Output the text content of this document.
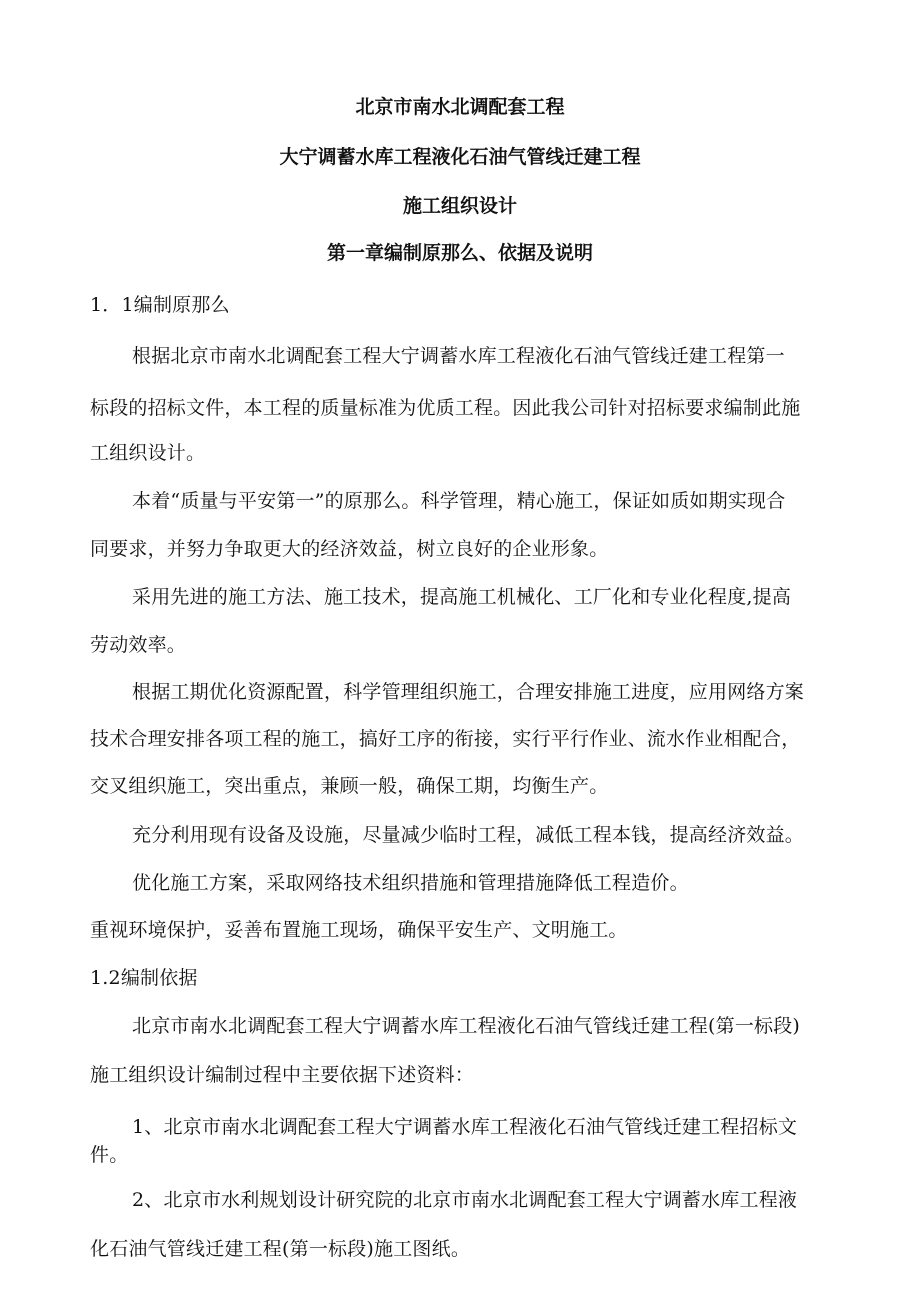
北京市南水北调配套工程
大宁调蓄水库工程液化石油气管线迁建工程
施工组织设计
第一章编制原那么、依据及说明

1．1编制原那么

根据北京市南水北调配套工程大宁调蓄水库工程液化石油气管线迁建工程第一

标段的招标文件，本工程的质量标准为优质工程。因此我公司针对招标要求编制此施

工组织设计。

本着“质量与平安第一”的原那么。科学管理，精心施工，保证如质如期实现合

同要求，并努力争取更大的经济效益，树立良好的企业形象。

采用先进的施工方法、施工技术，提高施工机械化、工厂化和专业化程度,提高

劳动效率。

根据工期优化资源配置，科学管理组织施工，合理安排施工进度，应用网络方案

技术合理安排各项工程的施工，搞好工序的衔接，实行平行作业、流水作业相配合，

交叉组织施工，突出重点，兼顾一般，确保工期，均衡生产。

充分利用现有设备及设施，尽量减少临时工程，减低工程本钱，提高经济效益。

优化施工方案，采取网络技术组织措施和管理措施降低工程造价。

重视环境保护，妥善布置施工现场，确保平安生产、文明施工。

1.2编制依据

北京市南水北调配套工程大宁调蓄水库工程液化石油气管线迁建工程(第一标段)

施工组织设计编制过程中主要依据下述资料：

1、北京市南水北调配套工程大宁调蓄水库工程液化石油气管线迁建工程招标文

件。

2、北京市水利规划设计研究院的北京市南水北调配套工程大宁调蓄水库工程液

化石油气管线迁建工程(第一标段)施工图纸。
